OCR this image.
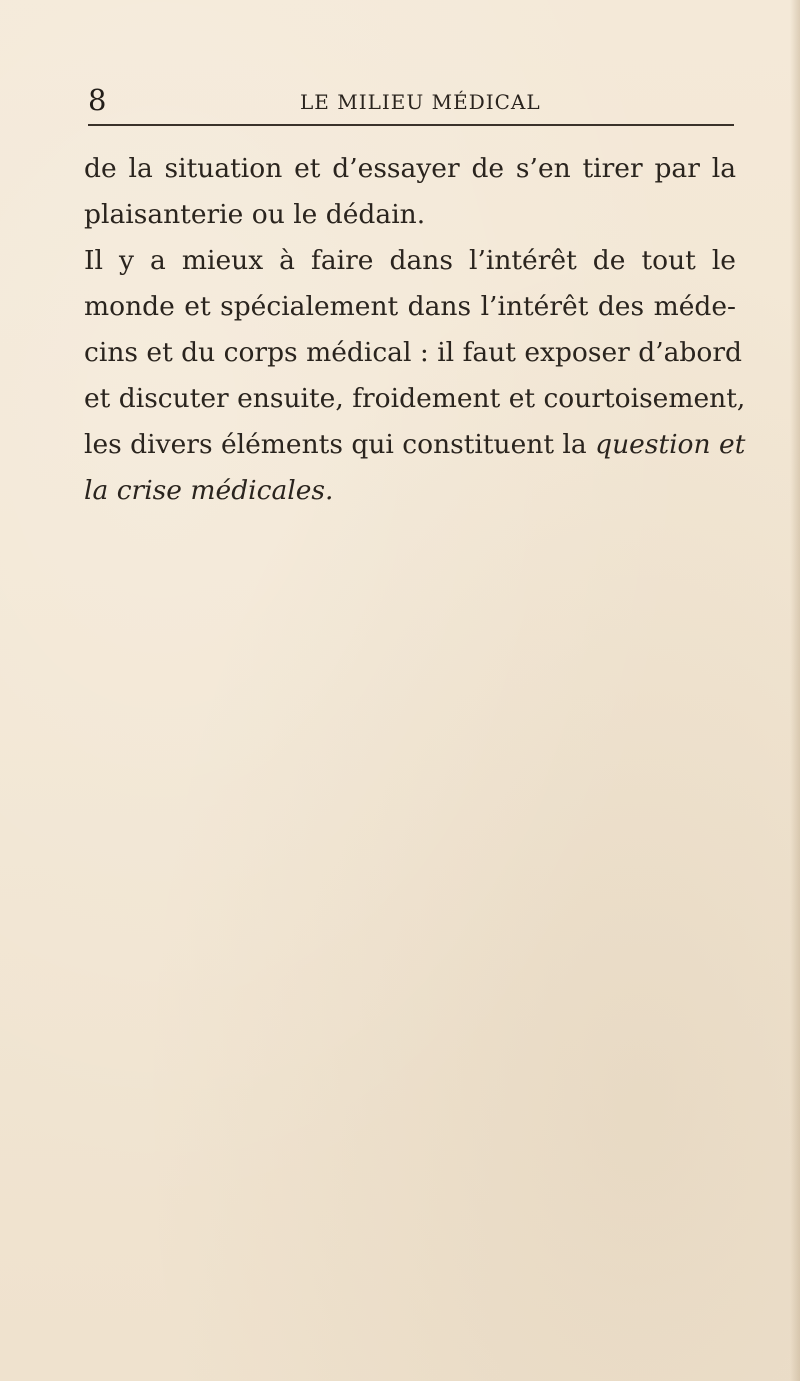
8	LE MILIEU MÉDICAL
de la situation et d’essayer de s’en tirer par la
plaisanterie ou le dédain.
Il y a mieux à faire dans l’intérêt de tout le
monde et spécialement dans l’intérêt des méde-
cins et du corps médical : il faut exposer d’abord
et discuter ensuite, froidement et courtoisement,
les divers éléments qui constituent la question et
la crise médicales.
